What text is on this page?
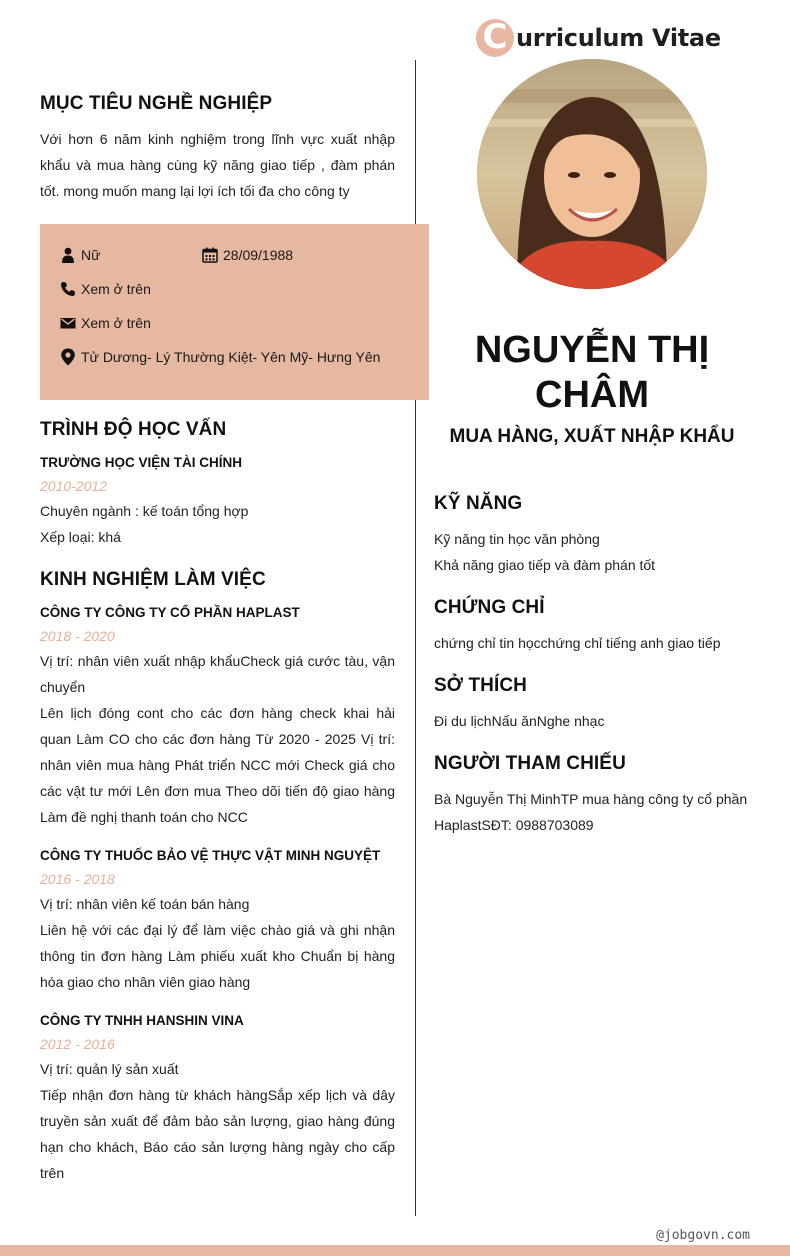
C urriculum Vitae
MỤC TIÊU NGHỀ NGHIỆP
Với hơn 6 năm kinh nghiệm trong lĩnh vực xuất nhập khẩu và mua hàng cùng kỹ năng giao tiếp , đàm phán tốt. mong muốn mang lại lợi ích tối đa cho công ty
Nữ	28/09/1988
Xem ở trên
Xem ở trên
Tử Dương- Lý Thường Kiệt- Yên Mỹ- Hưng Yên
TRÌNH ĐỘ HỌC VẤN
TRƯỜNG HỌC VIỆN TÀI CHÍNH
2010-2012
Chuyên ngành : kế toán tổng hợp
Xếp loại: khá
KINH NGHIỆM LÀM VIỆC
CÔNG TY CÔNG TY CỔ PHẦN HAPLAST
2018 - 2020
Vị trí: nhân viên xuất nhập khẩuCheck giá cước tàu, vận chuyển
Lên lịch đóng cont cho các đơn hàng check khai hải quan Làm CO cho các đơn hàng Từ 2020 - 2025 Vị trí: nhân viên mua hàng Phát triển NCC mới Check giá cho các vật tư mới Lên đơn mua Theo dõi tiến độ giao hàng Làm đề nghị thanh toán cho NCC
CÔNG TY THUỐC BẢO VỆ THỰC VẬT MINH NGUYỆT
2016 - 2018
Vị trí: nhân viên kế toán bán hàng
Liên hệ với các đại lý để làm việc chào giá và ghi nhận thông tin đơn hàng Làm phiếu xuất kho Chuẩn bị hàng hóa giao cho nhân viên giao hàng
CÔNG TY TNHH HANSHIN VINA
2012 - 2016
Vị trí: quản lý sản xuất
Tiếp nhận đơn hàng từ khách hàngSắp xếp lịch và dây truyền sản xuất để đảm bảo sản lượng, giao hàng đúng hạn cho khách, Báo cáo sản lượng hàng ngày cho cấp trên
NGUYỄN THỊ CHÂM
MUA HÀNG, XUẤT NHẬP KHẨU
KỸ NĂNG
Kỹ năng tin học văn phòng
Khả năng giao tiếp và đàm phán tốt
CHỨNG CHỈ
chứng chỉ tin họcchứng chỉ tiếng anh giao tiếp
SỞ THÍCH
Đi du lịchNấu ănNghe nhạc
NGƯỜI THAM CHIẾU
Bà Nguyễn Thị MinhTP mua hàng công ty cổ phần HaplastSĐT: 0988703089
@jobgovn.com
